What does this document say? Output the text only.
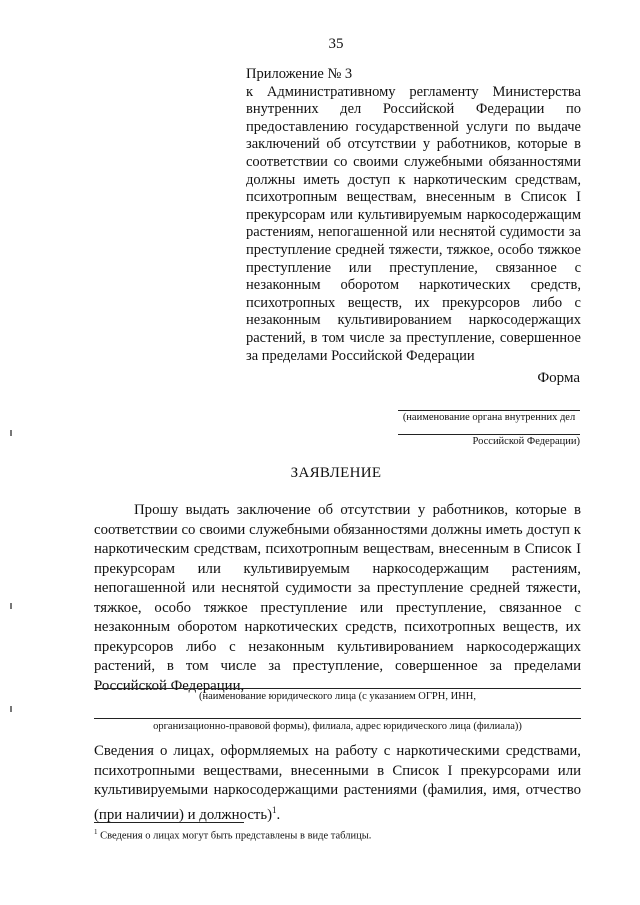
35
Приложение № 3
к Административному регламенту Министерства внутренних дел Российской Федерации по предоставлению государственной услуги по выдаче заключений об отсутствии у работников, которые в соответствии со своими служебными обязанностями должны иметь доступ к наркотическим средствам, психотропным веществам, внесенным в Список I прекурсорам или культивируемым наркосодержащим растениям, непогашенной или неснятой судимости за преступление средней тяжести, тяжкое, особо тяжкое преступление или преступление, связанное с незаконным оборотом наркотических средств, психотропных веществ, их прекурсоров либо с незаконным культивированием наркосодержащих растений, в том числе за преступление, совершенное за пределами Российской Федерации
Форма
(наименование органа внутренних дел
Российской Федерации)
ЗАЯВЛЕНИЕ
Прошу выдать заключение об отсутствии у работников, которые в соответствии со своими служебными обязанностями должны иметь доступ к наркотическим средствам, психотропным веществам, внесенным в Список I прекурсорам или культивируемым наркосодержащим растениям, непогашенной или неснятой судимости за преступление средней тяжести, тяжкое, особо тяжкое преступление или преступление, связанное с незаконным оборотом наркотических средств, психотропных веществ, их прекурсоров либо с незаконным культивированием наркосодержащих растений, в том числе за преступление, совершенное за пределами Российской Федерации,
(наименование юридического лица (с указанием ОГРН, ИНН,
организационно-правовой формы), филиала, адрес юридического лица (филиала))
Сведения о лицах, оформляемых на работу с наркотическими средствами, психотропными веществами, внесенными в Список I прекурсорами или культивируемыми наркосодержащими растениями (фамилия, имя, отчество (при наличии) и должность)$^1$.
$^1$ Сведения о лицах могут быть представлены в виде таблицы.
